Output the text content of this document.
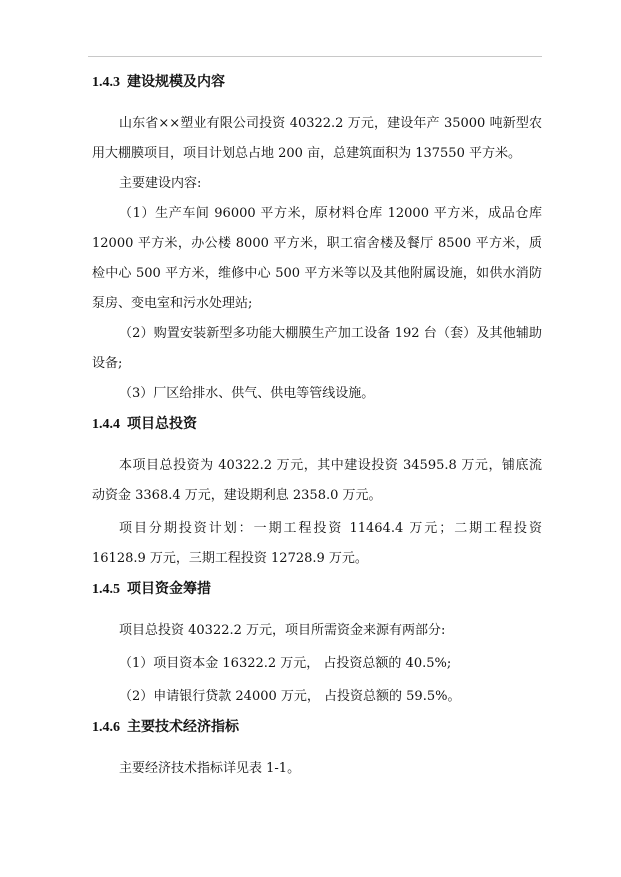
1.4.3 建设规模及内容

山东省××塑业有限公司投资 40322.2 万元，建设年产 35000 吨新型农用大棚膜项目，项目计划总占地 200 亩，总建筑面积为 137550 平方米。

主要建设内容:

（1）生产车间 96000 平方米，原材料仓库 12000 平方米，成品仓库 12000 平方米，办公楼 8000 平方米，职工宿舍楼及餐厅 8500 平方米，质检中心 500 平方米，维修中心 500 平方米等以及其他附属设施，如供水消防泵房、变电室和污水处理站;

（2）购置安装新型多功能大棚膜生产加工设备 192 台（套）及其他辅助设备;

（3）厂区给排水、供气、供电等管线设施。

1.4.4 项目总投资

本项目总投资为 40322.2 万元，其中建设投资 34595.8 万元，铺底流动资金 3368.4 万元，建设期利息 2358.0 万元。

项目分期投资计划：一期工程投资 11464.4 万元；二期工程投资 16128.9 万元，三期工程投资 12728.9 万元。

1.4.5 项目资金筹措

项目总投资 40322.2 万元，项目所需资金来源有两部分:

（1）项目资本金 16322.2 万元， 占投资总额的 40.5%;

（2）申请银行贷款 24000 万元， 占投资总额的 59.5%。

1.4.6 主要技术经济指标

主要经济技术指标详见表 1-1。
